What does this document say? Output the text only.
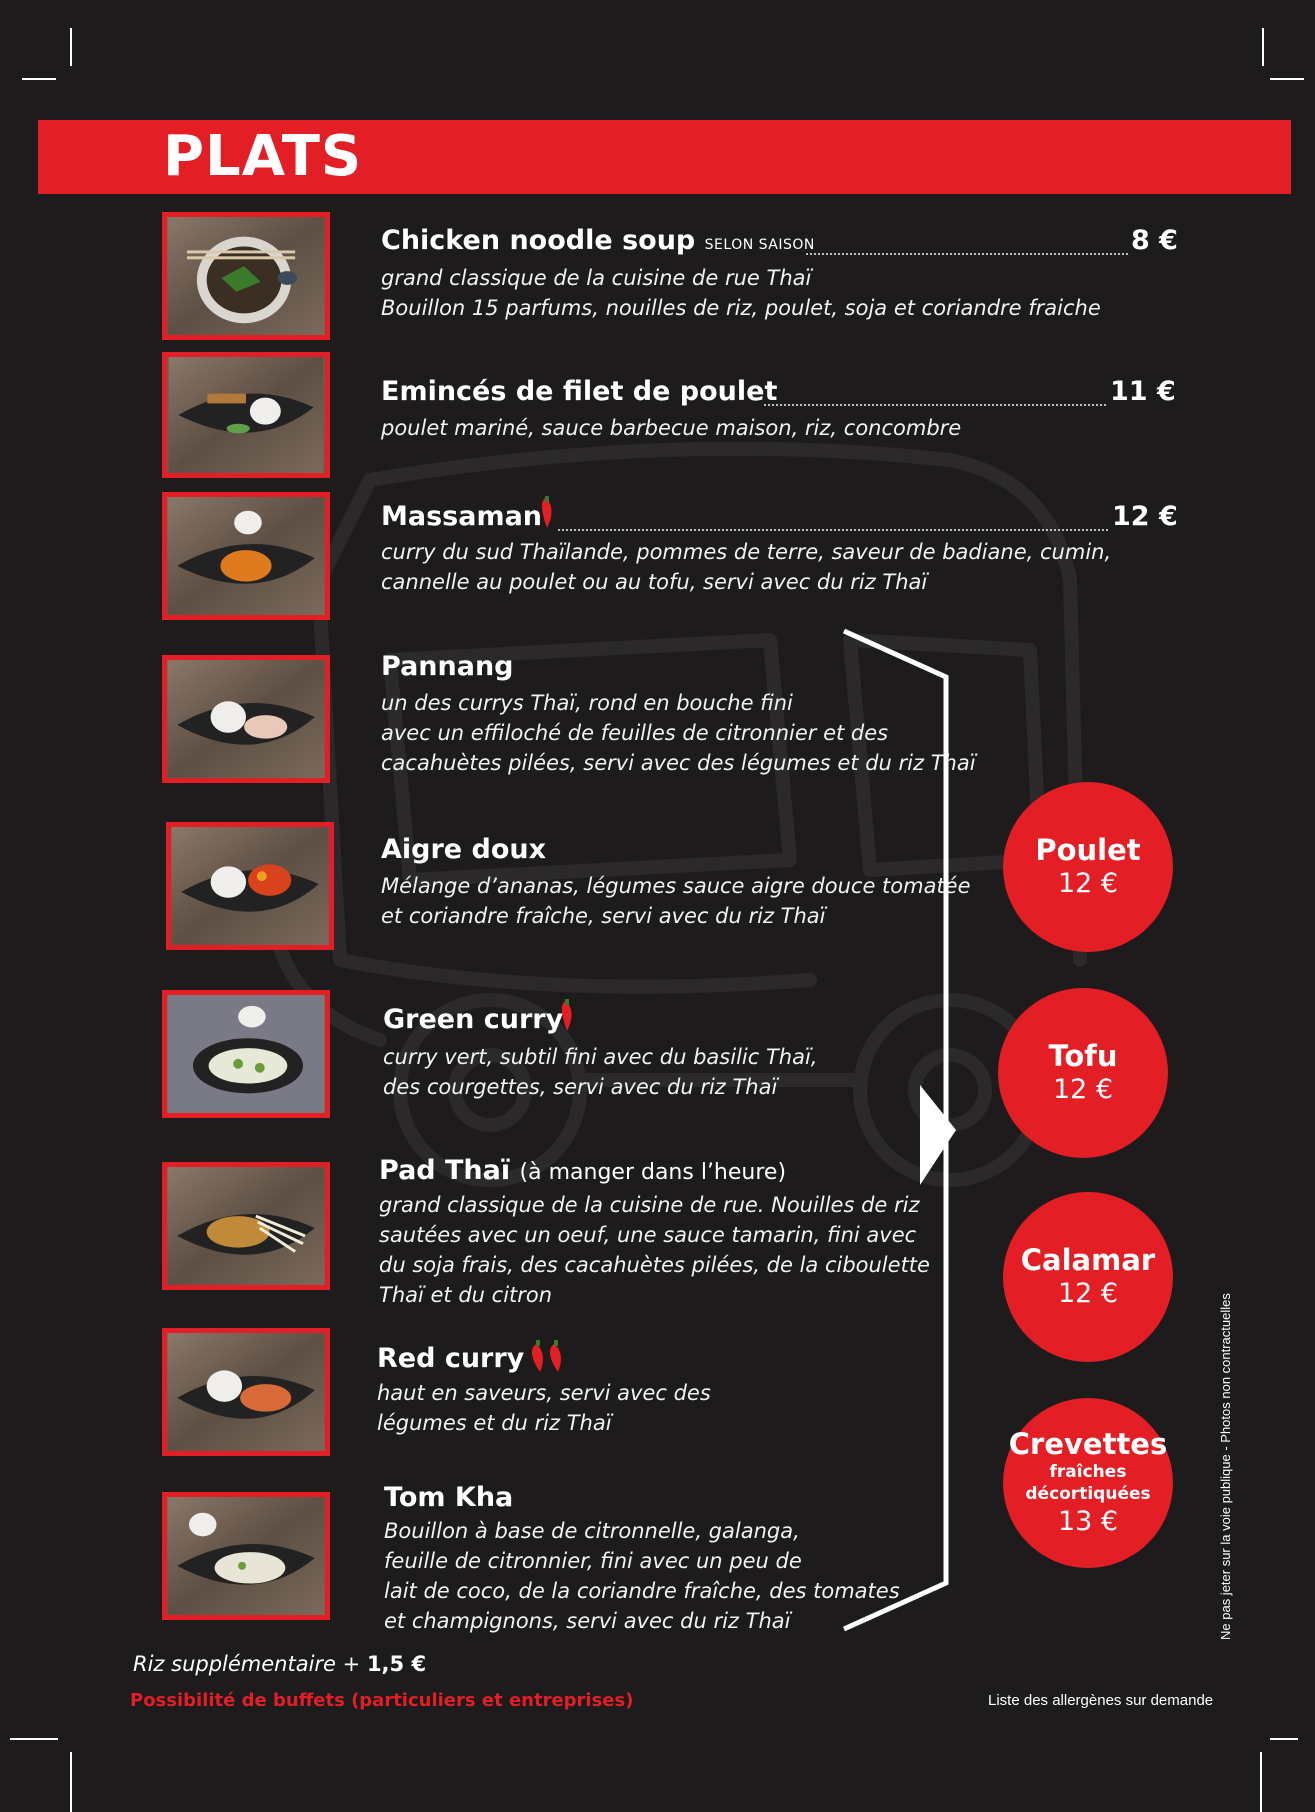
PLATS
Chicken noodle soup SELON SAISON	8 €
grand classique de la cuisine de rue Thaï
Bouillon 15 parfums, nouilles de riz, poulet, soja et coriandre fraiche
Emincés de filet de poulet	11 €
poulet mariné, sauce barbecue maison, riz, concombre
Massaman	12 €
curry du sud Thaïlande, pommes de terre, saveur de badiane, cumin,
cannelle au poulet ou au tofu, servi avec du riz Thaï
Pannang
un des currys Thaï, rond en bouche fini
avec un effiloché de feuilles de citronnier et des
cacahuètes pilées, servi avec des légumes et du riz Thaï
Aigre doux
Mélange d’ananas, légumes sauce aigre douce tomatée
et coriandre fraîche, servi avec du riz Thaï
Green curry
curry vert, subtil fini avec du basilic Thaï,
des courgettes, servi avec du riz Thaï
Pad Thaï (à manger dans l’heure)
grand classique de la cuisine de rue. Nouilles de riz
sautées avec un oeuf, une sauce tamarin, fini avec
du soja frais, des cacahuètes pilées, de la ciboulette
Thaï et du citron
Red curry
haut en saveurs, servi avec des
légumes et du riz Thaï
Tom Kha
Bouillon à base de citronnelle, galanga,
feuille de citronnier, fini avec un peu de
lait de coco, de la coriandre fraîche, des tomates
et champignons, servi avec du riz Thaï
Poulet
12 €
Tofu
12 €
Calamar
12 €
Crevettes
fraîches
décortiquées
13 €
Riz supplémentaire + 1,5 €
Possibilité de buffets (particuliers et entreprises)	Liste des allergènes sur demande
Ne pas jeter sur la voie publique - Photos non contractuelles
